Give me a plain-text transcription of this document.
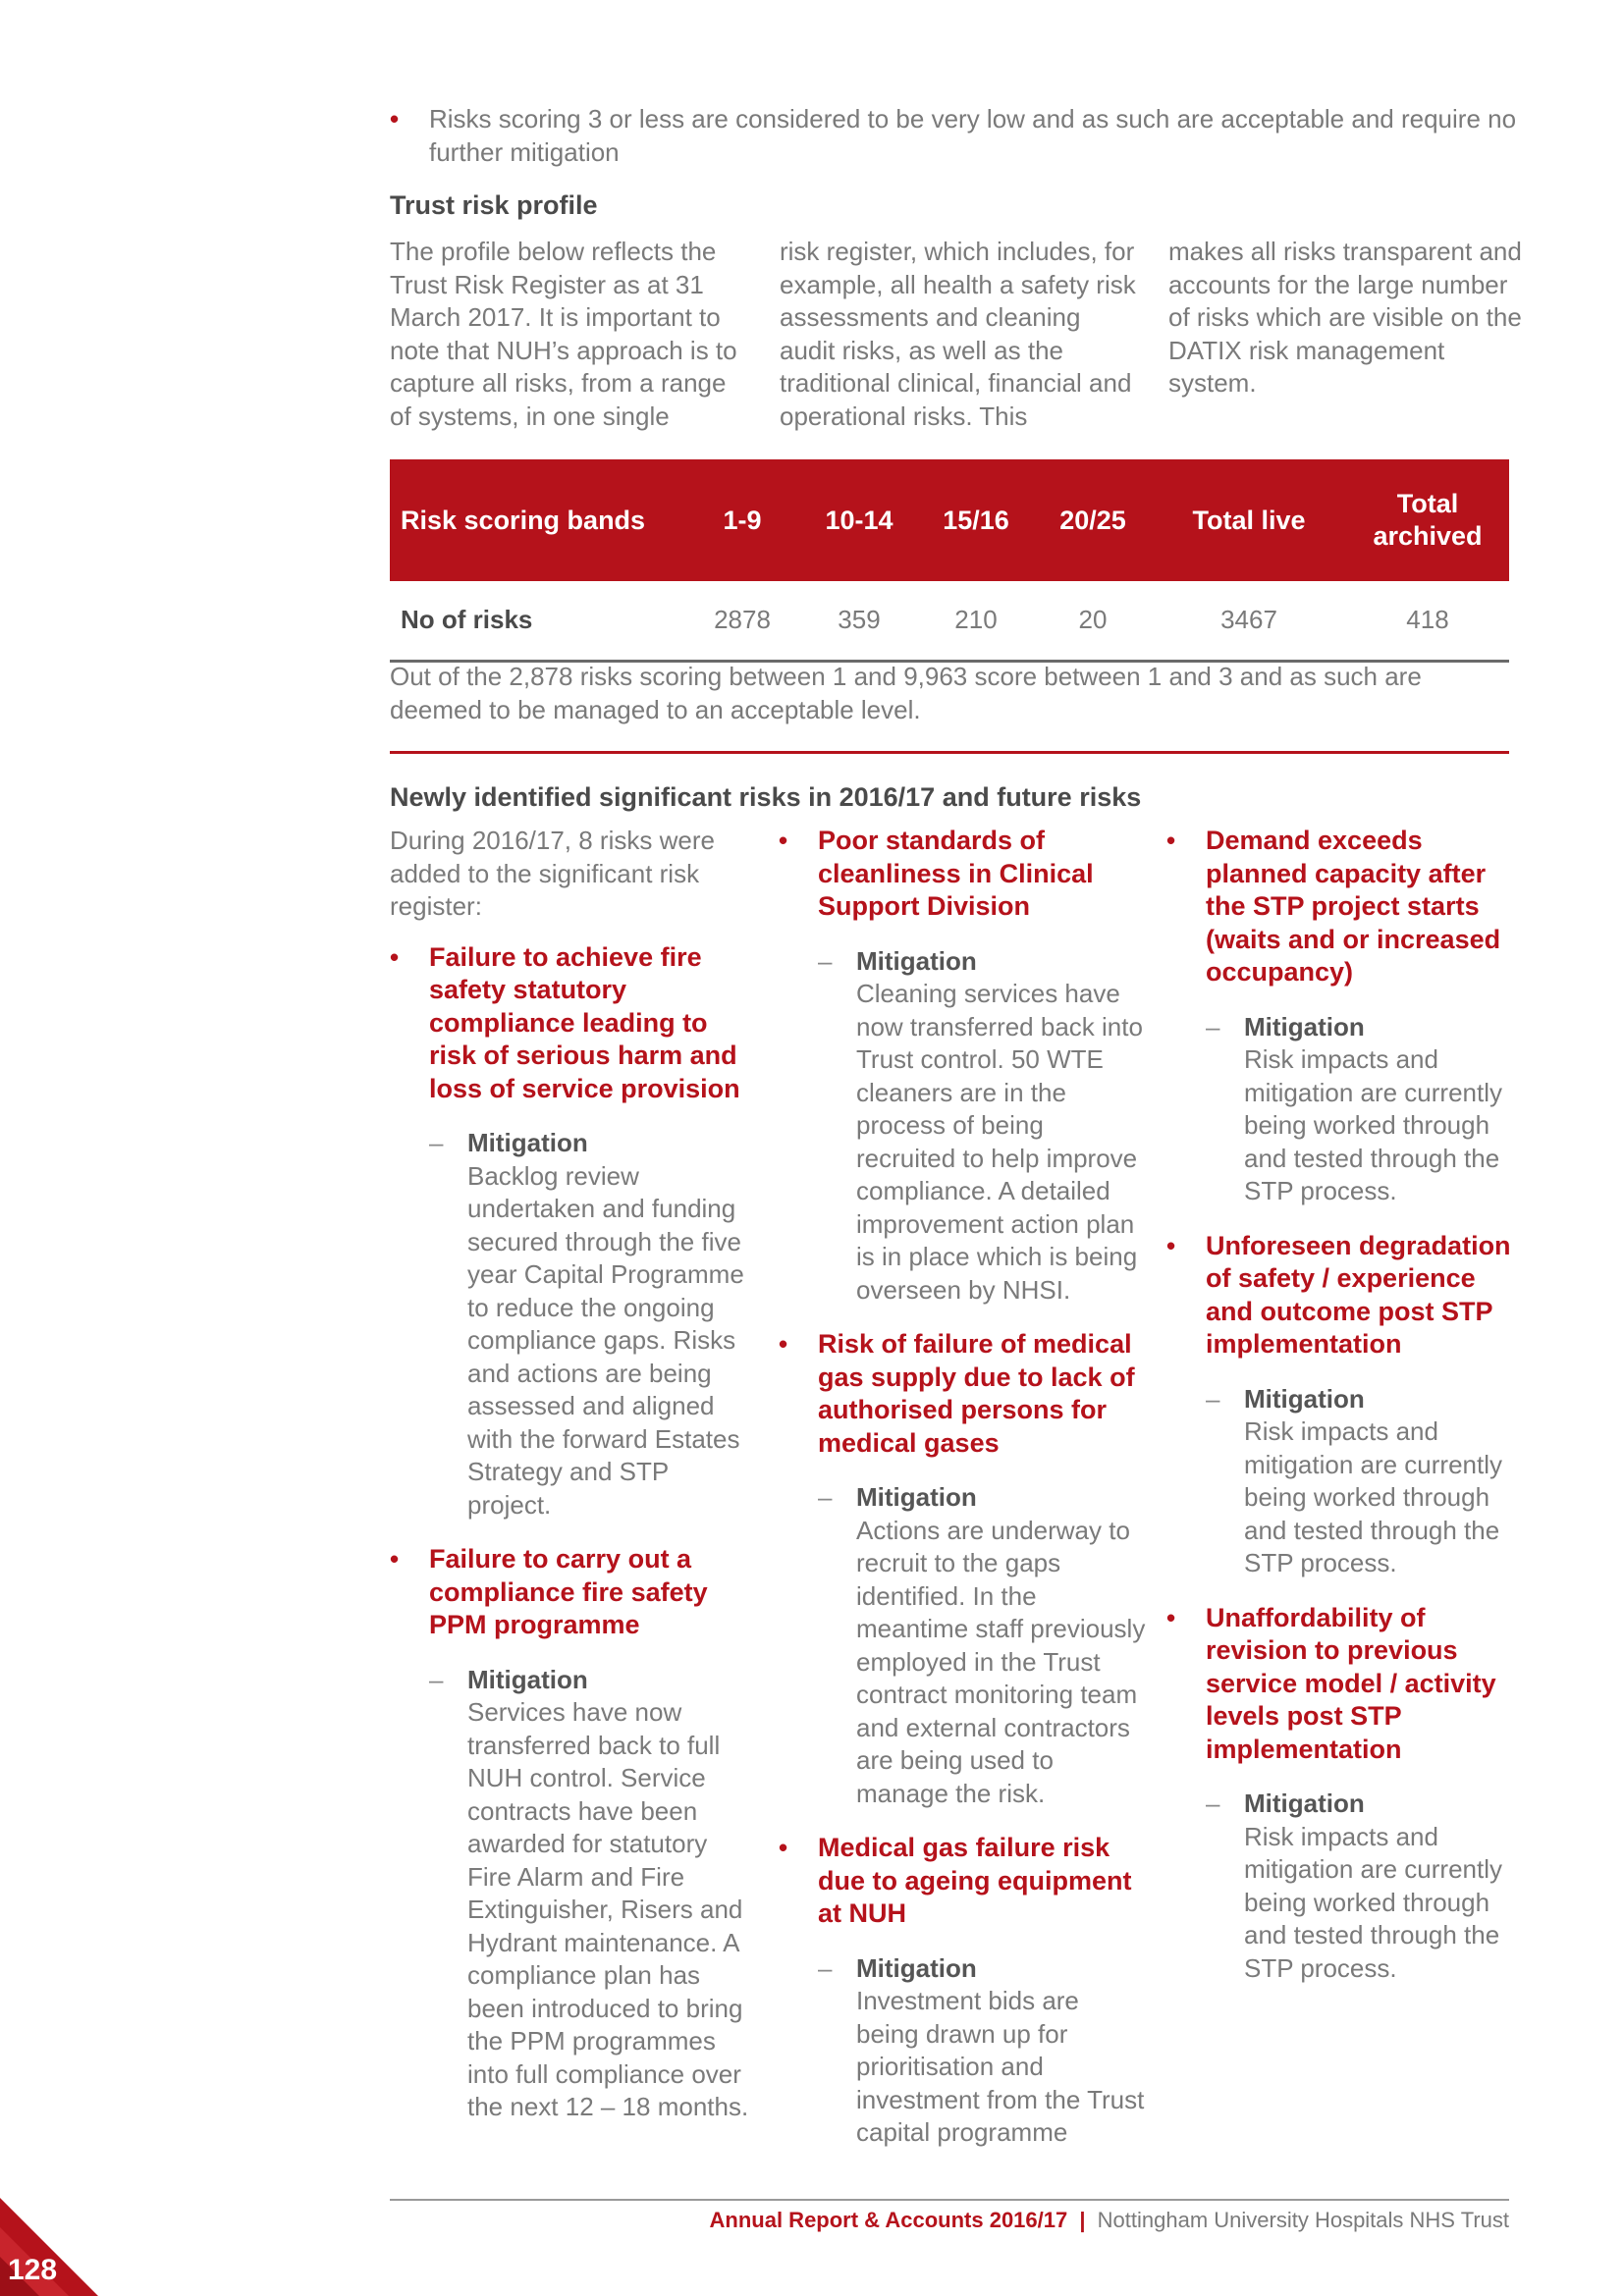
• Risks scoring 3 or less are considered to be very low and as such are acceptable and require no further mitigation
Trust risk profile
The profile below reflects the Trust Risk Register as at 31 March 2017. It is important to note that NUH’s approach is to capture all risks, from a range of systems, in one single
risk register, which includes, for example, all health a safety risk assessments and cleaning audit risks, as well as the traditional clinical, financial and operational risks. This
makes all risks transparent and accounts for the large number of risks which are visible on the DATIX risk management system.
Risk scoring bands	1-9	10-14	15/16	20/25	Total live	Total archived
No of risks	2878	359	210	20	3467	418
Out of the 2,878 risks scoring between 1 and 9,963 score between 1 and 3 and as such are deemed to be managed to an acceptable level.
Newly identified significant risks in 2016/17 and future risks
During 2016/17, 8 risks were added to the significant risk register:
• Failure to achieve fire safety statutory compliance leading to risk of serious harm and loss of service provision
– Mitigation
Backlog review undertaken and funding secured through the five year Capital Programme to reduce the ongoing compliance gaps. Risks and actions are being assessed and aligned with the forward Estates Strategy and STP project.
• Failure to carry out a compliance fire safety PPM programme
– Mitigation
Services have now transferred back to full NUH control. Service contracts have been awarded for statutory Fire Alarm and Fire Extinguisher, Risers and Hydrant maintenance. A compliance plan has been introduced to bring the PPM programmes into full compliance over the next 12 – 18 months.
• Poor standards of cleanliness in Clinical Support Division
– Mitigation
Cleaning services have now transferred back into Trust control. 50 WTE cleaners are in the process of being recruited to help improve compliance. A detailed improvement action plan is in place which is being overseen by NHSI.
• Risk of failure of medical gas supply due to lack of authorised persons for medical gases
– Mitigation
Actions are underway to recruit to the gaps identified. In the meantime staff previously employed in the Trust contract monitoring team and external contractors are being used to manage the risk.
• Medical gas failure risk due to ageing equipment at NUH
– Mitigation
Investment bids are being drawn up for prioritisation and investment from the Trust capital programme
• Demand exceeds planned capacity after the STP project starts (waits and or increased occupancy)
– Mitigation
Risk impacts and mitigation are currently being worked through and tested through the STP process.
• Unforeseen degradation of safety / experience and outcome post STP implementation
– Mitigation
Risk impacts and mitigation are currently being worked through and tested through the STP process.
• Unaffordability of revision to previous service model / activity levels post STP implementation
– Mitigation
Risk impacts and mitigation are currently being worked through and tested through the STP process.
Annual Report & Accounts 2016/17 | Nottingham University Hospitals NHS Trust
128
